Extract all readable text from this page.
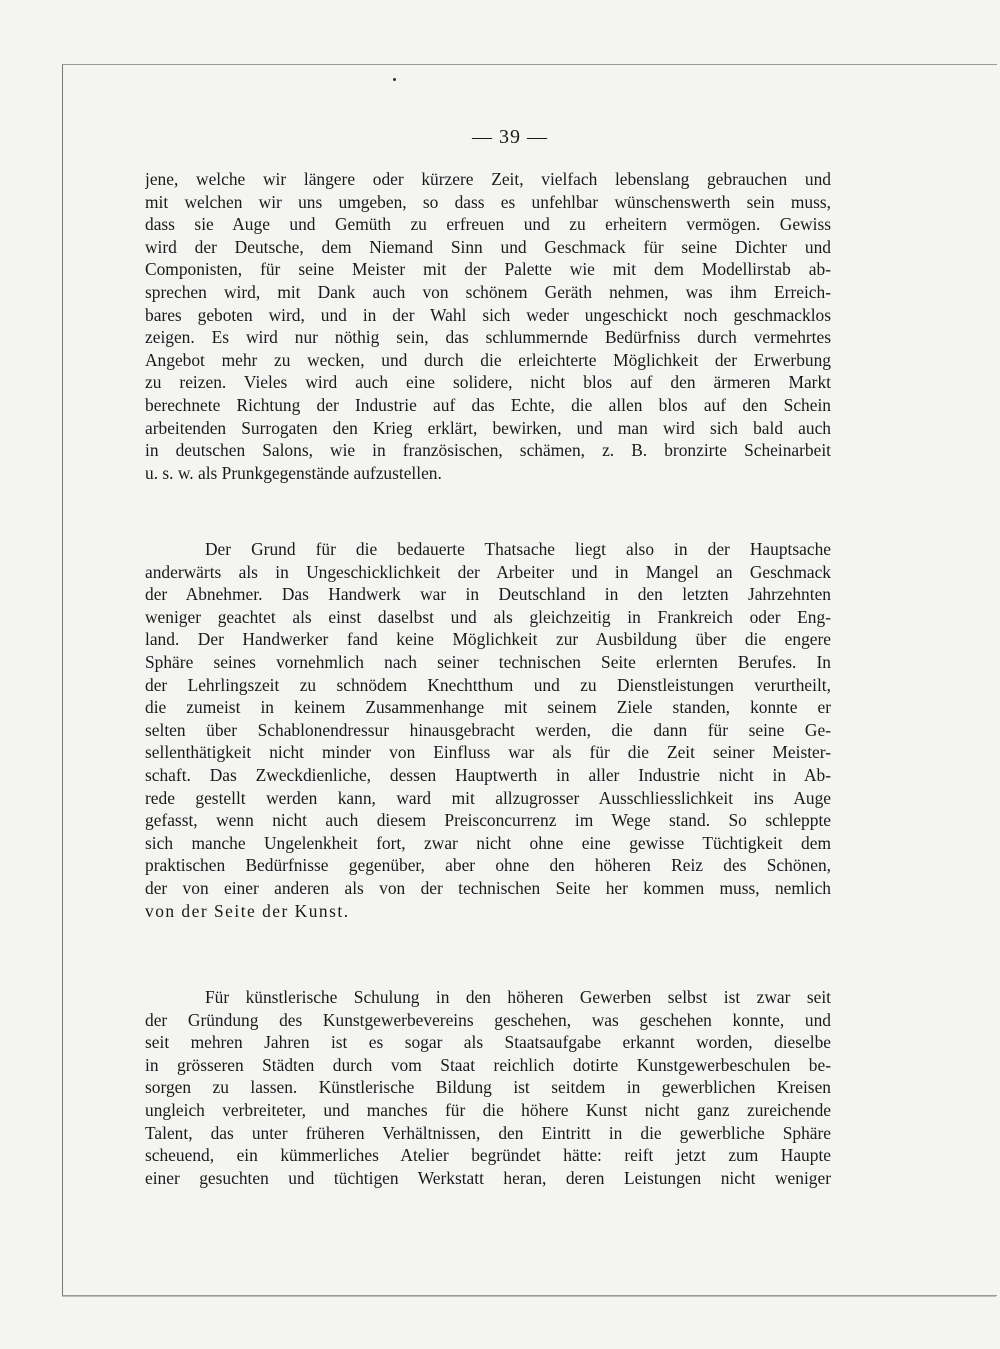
— 39 —
jene, welche wir längere oder kürzere Zeit, vielfach lebenslang gebrauchen und
mit welchen wir uns umgeben, so dass es unfehlbar wünschenswerth sein muss,
dass sie Auge und Gemüth zu erfreuen und zu erheitern vermögen. Gewiss
wird der Deutsche, dem Niemand Sinn und Geschmack für seine Dichter und
Componisten, für seine Meister mit der Palette wie mit dem Modellirstab ab-
sprechen wird, mit Dank auch von schönem Geräth nehmen, was ihm Erreich-
bares geboten wird, und in der Wahl sich weder ungeschickt noch geschmacklos
zeigen. Es wird nur nöthig sein, das schlummernde Bedürfniss durch vermehrtes
Angebot mehr zu wecken, und durch die erleichterte Möglichkeit der Erwerbung
zu reizen. Vieles wird auch eine solidere, nicht blos auf den ärmeren Markt
berechnete Richtung der Industrie auf das Echte, die allen blos auf den Schein
arbeitenden Surrogaten den Krieg erklärt, bewirken, und man wird sich bald auch
in deutschen Salons, wie in französischen, schämen, z. B. bronzirte Scheinarbeit
u. s. w. als Prunkgegenstände aufzustellen.
Der Grund für die bedauerte Thatsache liegt also in der Hauptsache
anderwärts als in Ungeschicklichkeit der Arbeiter und in Mangel an Geschmack
der Abnehmer. Das Handwerk war in Deutschland in den letzten Jahrzehnten
weniger geachtet als einst daselbst und als gleichzeitig in Frankreich oder Eng-
land. Der Handwerker fand keine Möglichkeit zur Ausbildung über die engere
Sphäre seines vornehmlich nach seiner technischen Seite erlernten Berufes. In
der Lehrlingszeit zu schnödem Knechtthum und zu Dienstleistungen verurtheilt,
die zumeist in keinem Zusammenhange mit seinem Ziele standen, konnte er
selten über Schablonendressur hinausgebracht werden, die dann für seine Ge-
sellenthätigkeit nicht minder von Einfluss war als für die Zeit seiner Meister-
schaft. Das Zweckdienliche, dessen Hauptwerth in aller Industrie nicht in Ab-
rede gestellt werden kann, ward mit allzugrosser Ausschliesslichkeit ins Auge
gefasst, wenn nicht auch diesem Preisconcurrenz im Wege stand. So schleppte
sich manche Ungelenkheit fort, zwar nicht ohne eine gewisse Tüchtigkeit dem
praktischen Bedürfnisse gegenüber, aber ohne den höheren Reiz des Schönen,
der von einer anderen als von der technischen Seite her kommen muss, nemlich
von der Seite der Kunst.
Für künstlerische Schulung in den höheren Gewerben selbst ist zwar seit
der Gründung des Kunstgewerbevereins geschehen, was geschehen konnte, und
seit mehren Jahren ist es sogar als Staatsaufgabe erkannt worden, dieselbe
in grösseren Städten durch vom Staat reichlich dotirte Kunstgewerbeschulen be-
sorgen zu lassen. Künstlerische Bildung ist seitdem in gewerblichen Kreisen
ungleich verbreiteter, und manches für die höhere Kunst nicht ganz zureichende
Talent, das unter früheren Verhältnissen, den Eintritt in die gewerbliche Sphäre
scheuend, ein kümmerliches Atelier begründet hätte: reift jetzt zum Haupte
einer gesuchten und tüchtigen Werkstatt heran, deren Leistungen nicht weniger
